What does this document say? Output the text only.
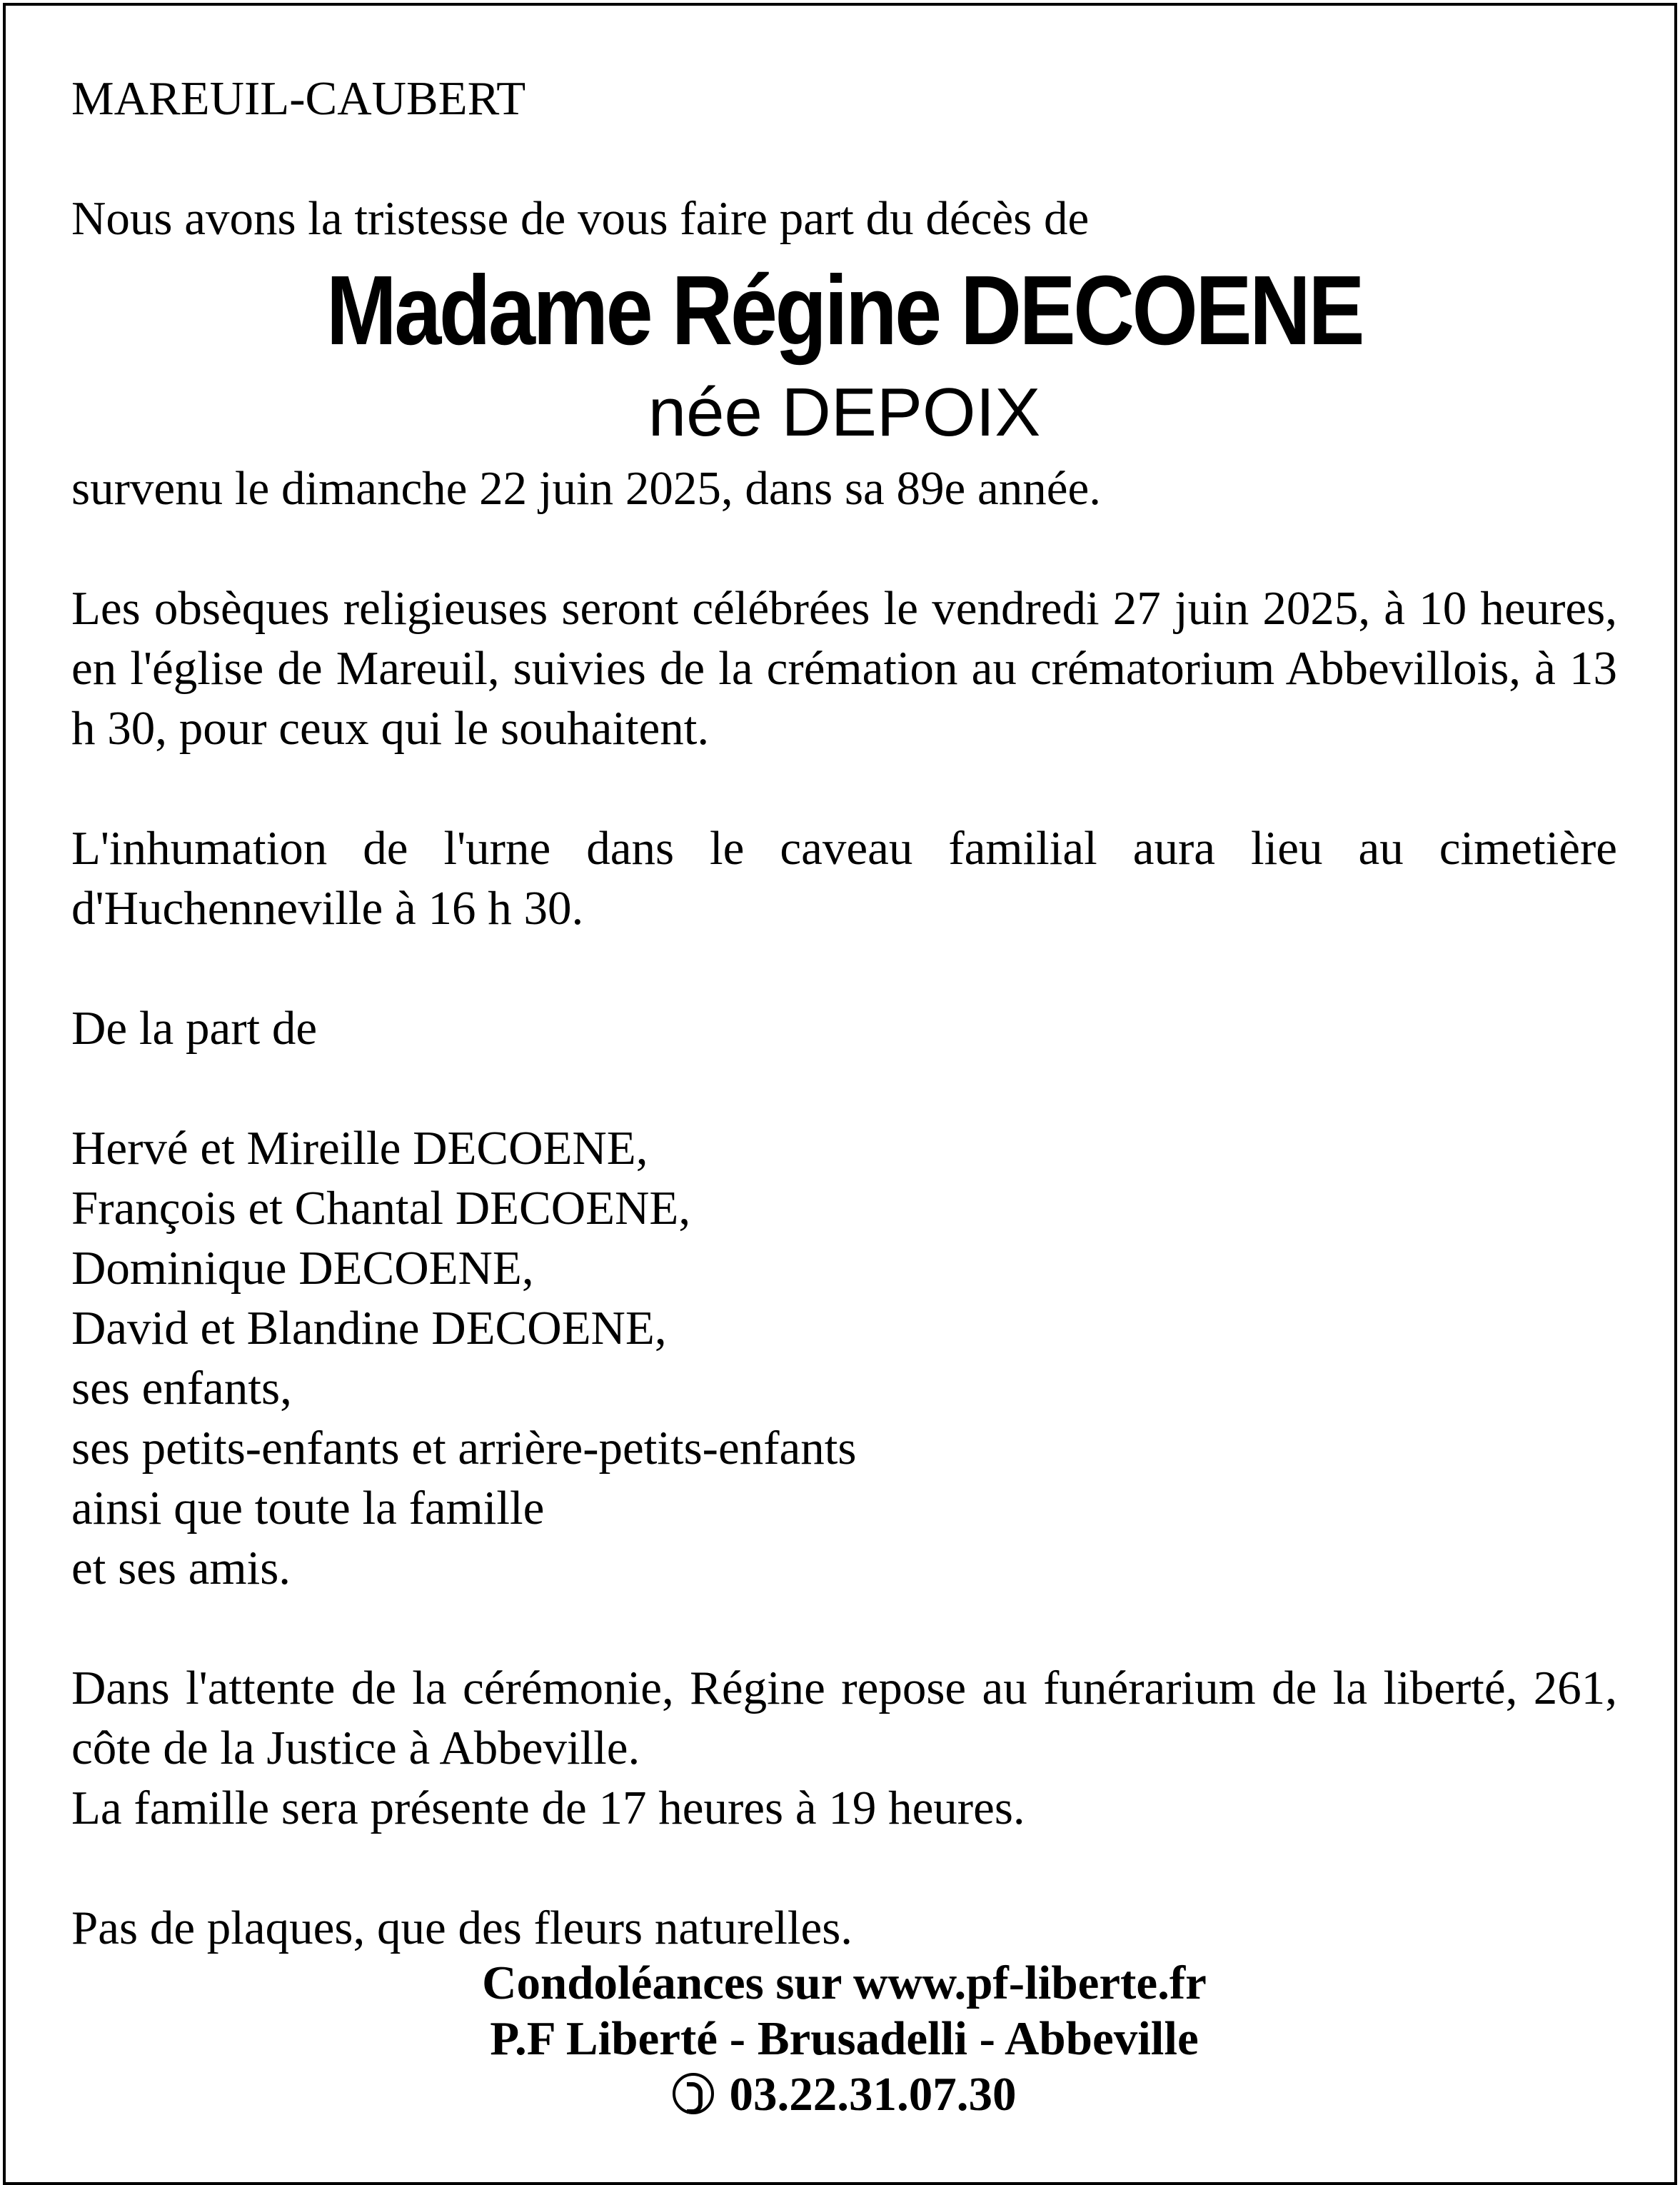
MAREUIL-CAUBERT

Nous avons la tristesse de vous faire part du décès de

Madame Régine DECOENE

née DEPOIX

survenu le dimanche 22 juin 2025, dans sa 89e année.

Les obsèques religieuses seront célébrées le vendredi 27 juin 2025, à 10 heures, en l'église de Mareuil, suivies de la crémation au crématorium Abbevillois, à 13 h 30, pour ceux qui le souhaitent.

L'inhumation de l'urne dans le caveau familial aura lieu au cimetière d'Huchenneville à 16 h 30.

De la part de

Hervé et Mireille DECOENE,

François et Chantal DECOENE,

Dominique DECOENE,

David et Blandine DECOENE,

ses enfants,

ses petits-enfants et arrière-petits-enfants

ainsi que toute la famille

et ses amis.

Dans l'attente de la cérémonie, Régine repose au funérarium de la liberté, 261, côte de la Justice à Abbeville.

La famille sera présente de 17 heures à 19 heures.

Pas de plaques, que des fleurs naturelles.

Condoléances sur www.pf-liberte.fr
P.F Liberté - Brusadelli - Abbeville
03.22.31.07.30
